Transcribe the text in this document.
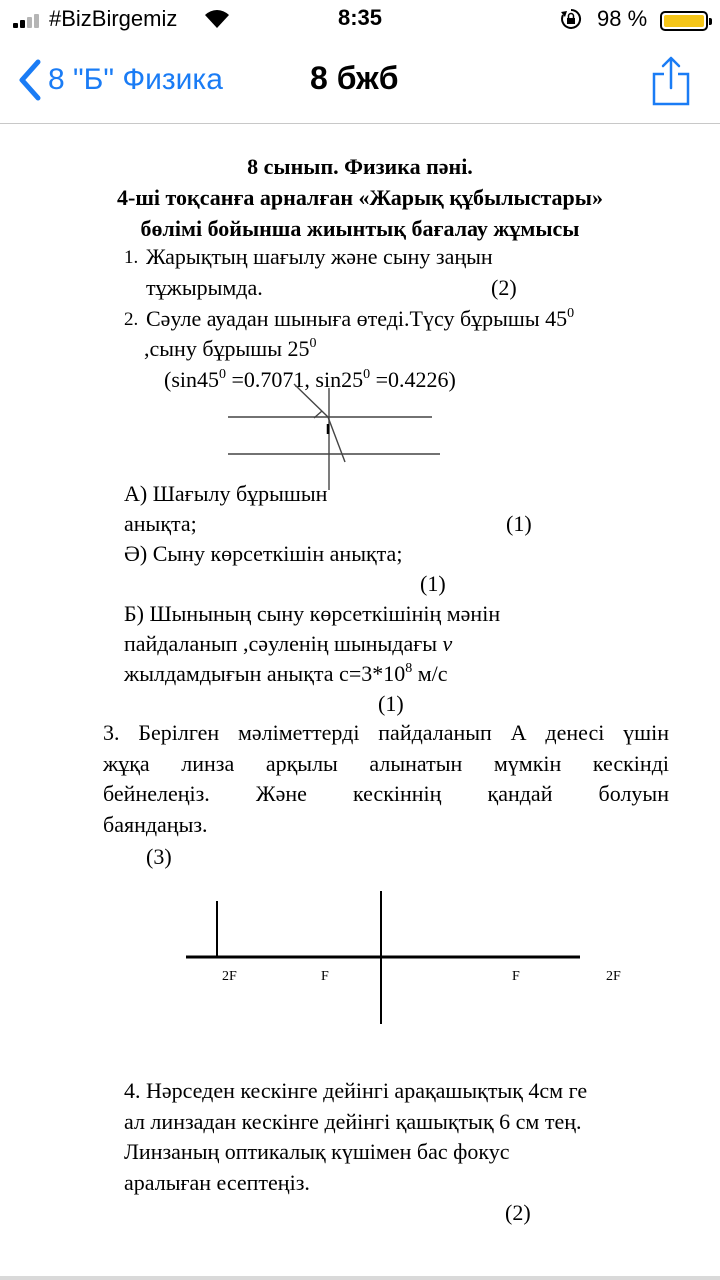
#BizBirgemiz	8:35	98 %
8 "Б" Физика	8 бжб
8 сынып. Физика пәні.
4-ші тоқсанға арналған «Жарық құбылыстары»
бөлімі бойынша жиынтық бағалау жұмысы
1. Жарықтың шағылу және сыну заңын
тұжырымда.	(2)
2. Сәуле ауадан шыныға өтеді.Түсу бұрышы $45^0$
,сыну бұрышы $25^0$
($\sin 45^0 =0.7071$, $\sin 25^0 =0.4226$)
А) Шағылу бұрышын
анықта;	(1)
Ә) Сыну көрсеткішін анықта;
(1)
Б) Шынының сыну көрсеткішінің мәнін
пайдаланып ,сәуленің шыныдағы v
жылдамдығын анықта $с=3*10^8$ м/с
(1)
3. Берілген мәліметтерді пайдаланып А денесі үшін
жұқа линза арқылы алынатын мүмкін кескінді
бейнелеңіз. Және кескіннің қандай болуын
баяндаңыз.
(3)
2F	F	F	2F
4. Нәрседен кескінге дейінгі арақашықтық 4см ге
ал линзадан кескінге дейінгі қашықтық 6 см тең.
Линзаның оптикалық күшімен бас фокус
аралыған есептеңіз.
(2)
